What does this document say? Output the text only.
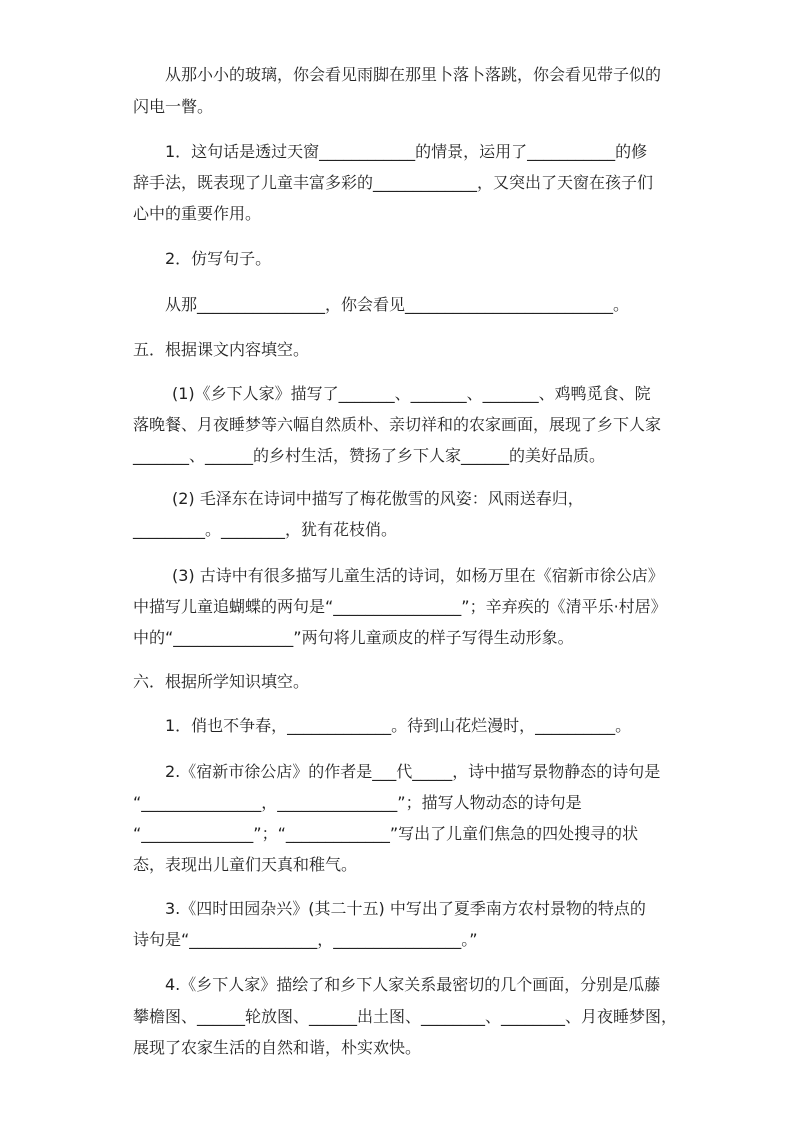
从那小小的玻璃，你会看见雨脚在那里卜落卜落跳，你会看见带子似的
闪电一瞥。
1．这句话是透过天窗____________的情景，运用了___________的修
辞手法，既表现了儿童丰富多彩的_____________，又突出了天窗在孩子们
心中的重要作用。
2．仿写句子。
从那________________，你会看见__________________________。
五．根据课文内容填空。
(1)《乡下人家》描写了_______、_______、_______、鸡鸭觅食、院
落晚餐、月夜睡梦等六幅自然质朴、亲切祥和的农家画面，展现了乡下人家
_______、______的乡村生活，赞扬了乡下人家______的美好品质。
(2) 毛泽东在诗词中描写了梅花傲雪的风姿：风雨送春归，
_________。________，犹有花枝俏。
(3) 古诗中有很多描写儿童生活的诗词，如杨万里在《宿新市徐公店》
中描写儿童追蝴蝶的两句是“________________”；辛弃疾的《清平乐·村居》
中的“_______________”两句将儿童顽皮的样子写得生动形象。
六．根据所学知识填空。
1．俏也不争春，_____________。待到山花烂漫时，__________。
2.《宿新市徐公店》的作者是___代_____，诗中描写景物静态的诗句是
“_______________，_______________”；描写人物动态的诗句是
“______________”；“_____________”写出了儿童们焦急的四处搜寻的状
态，表现出儿童们天真和稚气。
3.《四时田园杂兴》(其二十五) 中写出了夏季南方农村景物的特点的
诗句是“________________，________________。”
4.《乡下人家》描绘了和乡下人家关系最密切的几个画面，分别是瓜藤
攀檐图、______轮放图、______出土图、________、________、月夜睡梦图，
展现了农家生活的自然和谐，朴实欢快。
